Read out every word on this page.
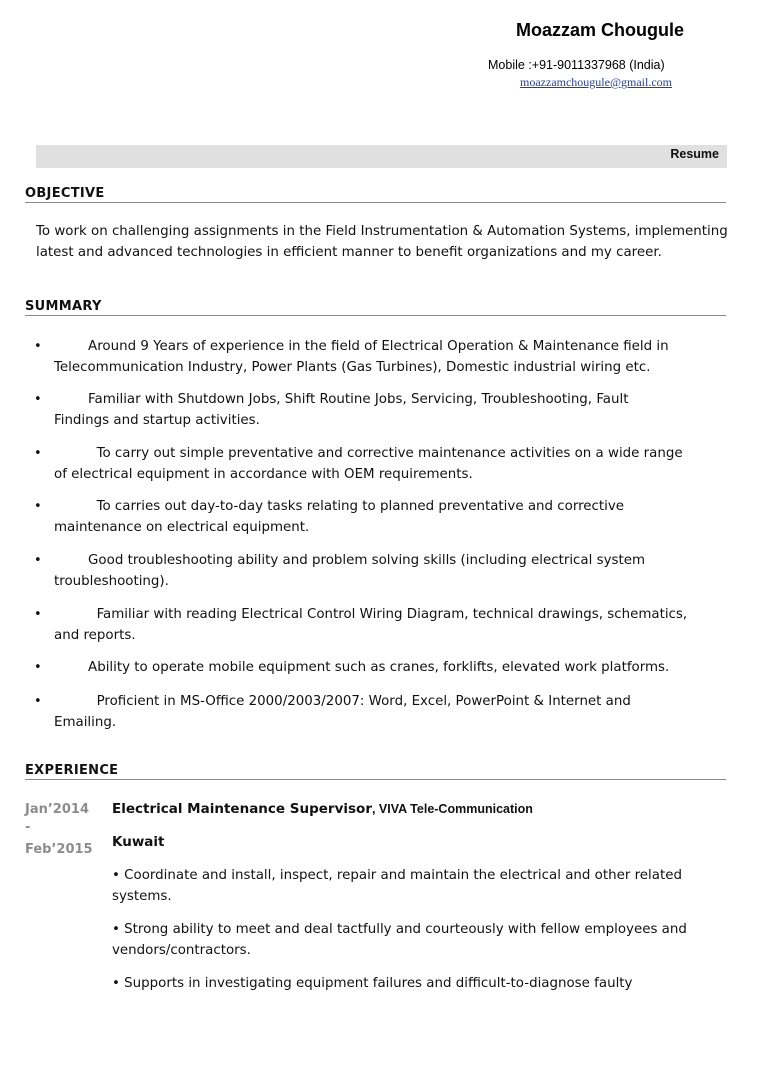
Moazzam Chougule
Mobile :+91-9011337968 (India)
moazzamchougule@gmail.com
Resume
OBJECTIVE
To work on challenging assignments in the Field Instrumentation & Automation Systems, implementing latest and advanced technologies in efficient manner to benefit organizations and my career.
SUMMARY
• Around 9 Years of experience in the field of Electrical Operation & Maintenance field in
Telecommunication Industry, Power Plants (Gas Turbines), Domestic industrial wiring etc.
• Familiar with Shutdown Jobs, Shift Routine Jobs, Servicing, Troubleshooting, Fault
Findings and startup activities.
• To carry out simple preventative and corrective maintenance activities on a wide range
of electrical equipment in accordance with OEM requirements.
• To carries out day-to-day tasks relating to planned preventative and corrective
maintenance on electrical equipment.
• Good troubleshooting ability and problem solving skills (including electrical system
troubleshooting).
• Familiar with reading Electrical Control Wiring Diagram, technical drawings, schematics,
and reports.
• Ability to operate mobile equipment such as cranes, forklifts, elevated work platforms.
• Proficient in MS-Office 2000/2003/2007: Word, Excel, PowerPoint & Internet and
Emailing.
EXPERIENCE
Jan’2014
-
Feb’2015
Electrical Maintenance Supervisor, VIVA Tele-Communication
Kuwait
• Coordinate and install, inspect, repair and maintain the electrical and other related
systems.
• Strong ability to meet and deal tactfully and courteously with fellow employees and
vendors/contractors.
• Supports in investigating equipment failures and difficult-to-diagnose faulty
